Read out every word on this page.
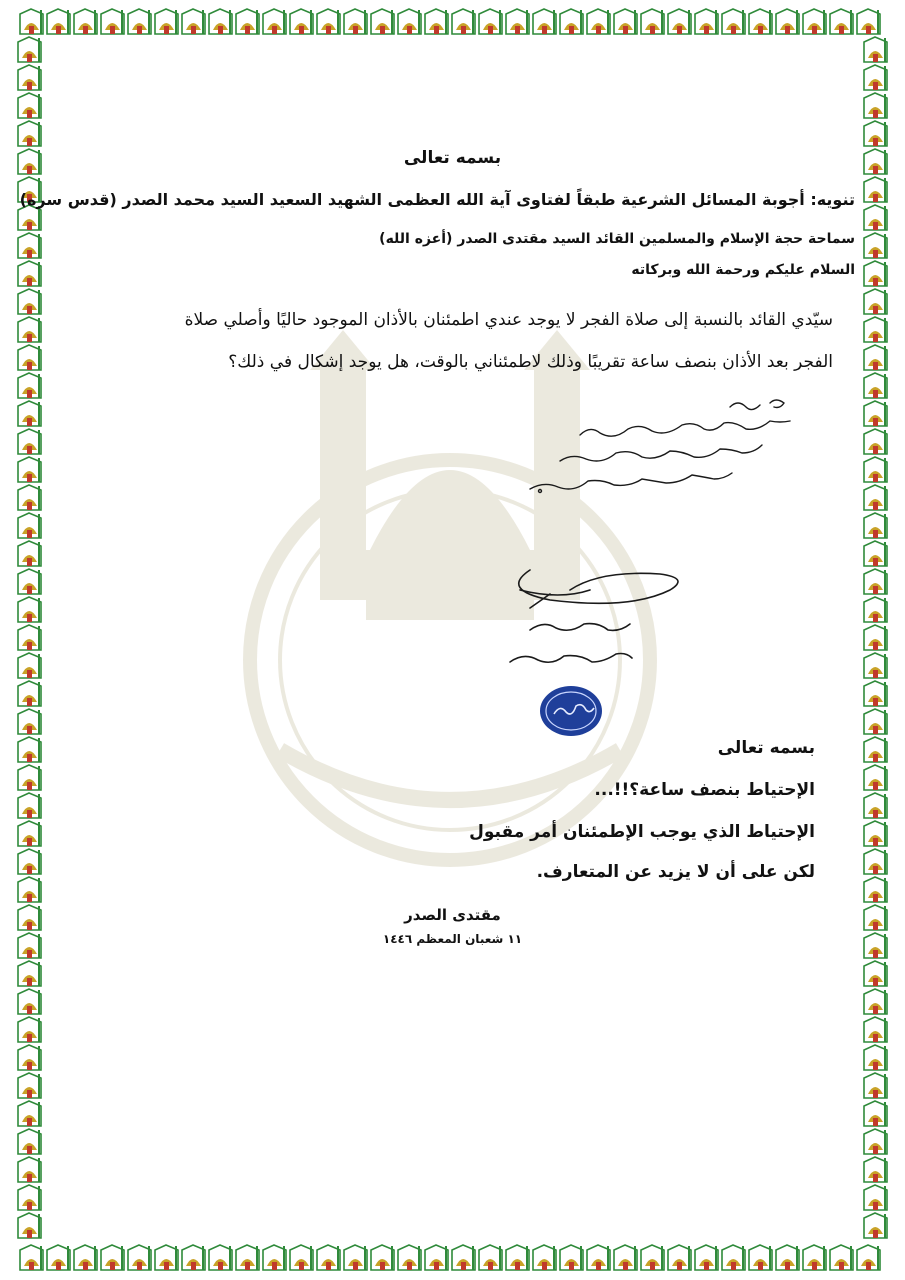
بسمه تعالى
تنويه: أجوبة المسائل الشرعية طبقاً لفتاوى آية الله العظمى الشهيد السعيد السيد محمد الصدر (قدس سره)
سماحة حجة الإسلام والمسلمين القائد السيد مقتدى الصدر (أعزه الله)
السلام عليكم ورحمة الله وبركاته
سيّدي القائد بالنسبة إلى صلاة الفجر لا يوجد عندي اطمئنان بالأذان الموجود حاليًا وأصلي صلاة
الفجر بعد الأذان بنصف ساعة تقريبًا وذلك لاطمئناني بالوقت، هل يوجد إشكال في ذلك؟
بسمه تعالى
الإحتياط بنصف ساعة؟!!...
الإحتياط الذي يوجب الإطمئنان أمر مقبول
لكن على أن لا يزيد عن المتعارف.
مقتدى الصدر
١١ شعبان المعظم ١٤٤٦
